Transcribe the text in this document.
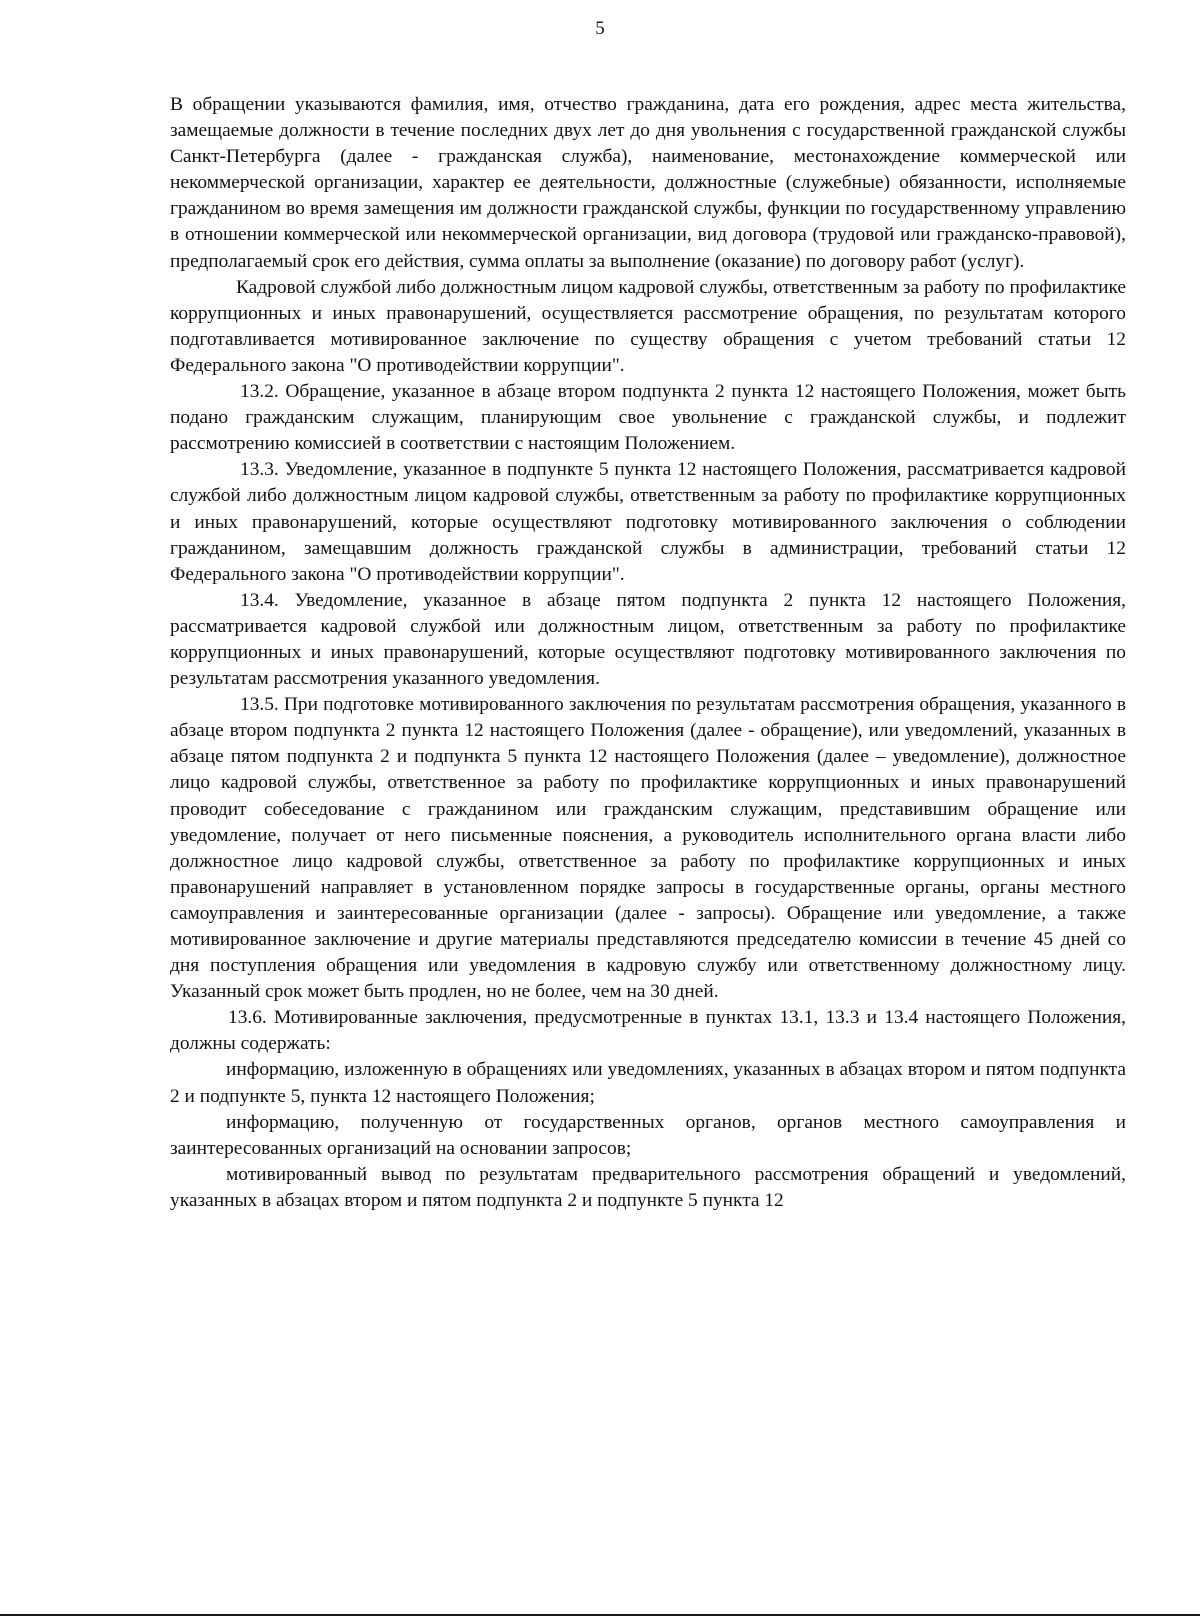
5

В обращении указываются фамилия, имя, отчество гражданина, дата его рождения, адрес места жительства, замещаемые должности в течение последних двух лет до дня увольнения с государственной гражданской службы Санкт-Петербурга (далее - гражданская служба), наименование, местонахождение коммерческой или некоммерческой организации, характер ее деятельности, должностные (служебные) обязанности, исполняемые гражданином во время замещения им должности гражданской службы, функции по государственному управлению в отношении коммерческой или некоммерческой организации, вид договора (трудовой или гражданско-правовой), предполагаемый срок его действия, сумма оплаты за выполнение (оказание) по договору работ (услуг).

Кадровой службой либо должностным лицом кадровой службы, ответственным за работу по профилактике коррупционных и иных правонарушений, осуществляется рассмотрение обращения, по результатам которого подготавливается мотивированное заключение по существу обращения с учетом требований статьи 12 Федерального закона "О противодействии коррупции".

13.2. Обращение, указанное в абзаце втором подпункта 2 пункта 12 настоящего Положения, может быть подано гражданским служащим, планирующим свое увольнение с гражданской службы, и подлежит рассмотрению комиссией в соответствии с настоящим Положением.

13.3. Уведомление, указанное в подпункте 5 пункта 12 настоящего Положения, рассматривается кадровой службой либо должностным лицом кадровой службы, ответственным за работу по профилактике коррупционных и иных правонарушений, которые осуществляют подготовку мотивированного заключения о соблюдении гражданином, замещавшим должность гражданской службы в администрации, требований статьи 12 Федерального закона "О противодействии коррупции".

13.4. Уведомление, указанное в абзаце пятом подпункта 2 пункта 12 настоящего Положения, рассматривается кадровой службой или должностным лицом, ответственным за работу по профилактике коррупционных и иных правонарушений, которые осуществляют подготовку мотивированного заключения по результатам рассмотрения указанного уведомления.

13.5. При подготовке мотивированного заключения по результатам рассмотрения обращения, указанного в абзаце втором подпункта 2 пункта 12 настоящего Положения (далее - обращение), или уведомлений, указанных в абзаце пятом подпункта 2 и подпункта 5 пункта 12 настоящего Положения (далее – уведомление), должностное лицо кадровой службы, ответственное за работу по профилактике коррупционных и иных правонарушений проводит собеседование с гражданином или гражданским служащим, представившим обращение или уведомление, получает от него письменные пояснения, а руководитель исполнительного органа власти либо должностное лицо кадровой службы, ответственное за работу по профилактике коррупционных и иных правонарушений направляет в установленном порядке запросы в государственные органы, органы местного самоуправления и заинтересованные организации (далее - запросы). Обращение или уведомление, а также мотивированное заключение и другие материалы представляются председателю комиссии в течение 45 дней со дня поступления обращения или уведомления в кадровую службу или ответственному должностному лицу. Указанный срок может быть продлен, но не более, чем на 30 дней.

13.6. Мотивированные заключения, предусмотренные в пунктах 13.1, 13.3 и 13.4 настоящего Положения, должны содержать:

информацию, изложенную в обращениях или уведомлениях, указанных в абзацах втором и пятом подпункта 2 и подпункте 5, пункта 12 настоящего Положения;

информацию, полученную от государственных органов, органов местного самоуправления и заинтересованных организаций на основании запросов;

мотивированный вывод по результатам предварительного рассмотрения обращений и уведомлений, указанных в абзацах втором и пятом подпункта 2 и подпункте 5 пункта 12
